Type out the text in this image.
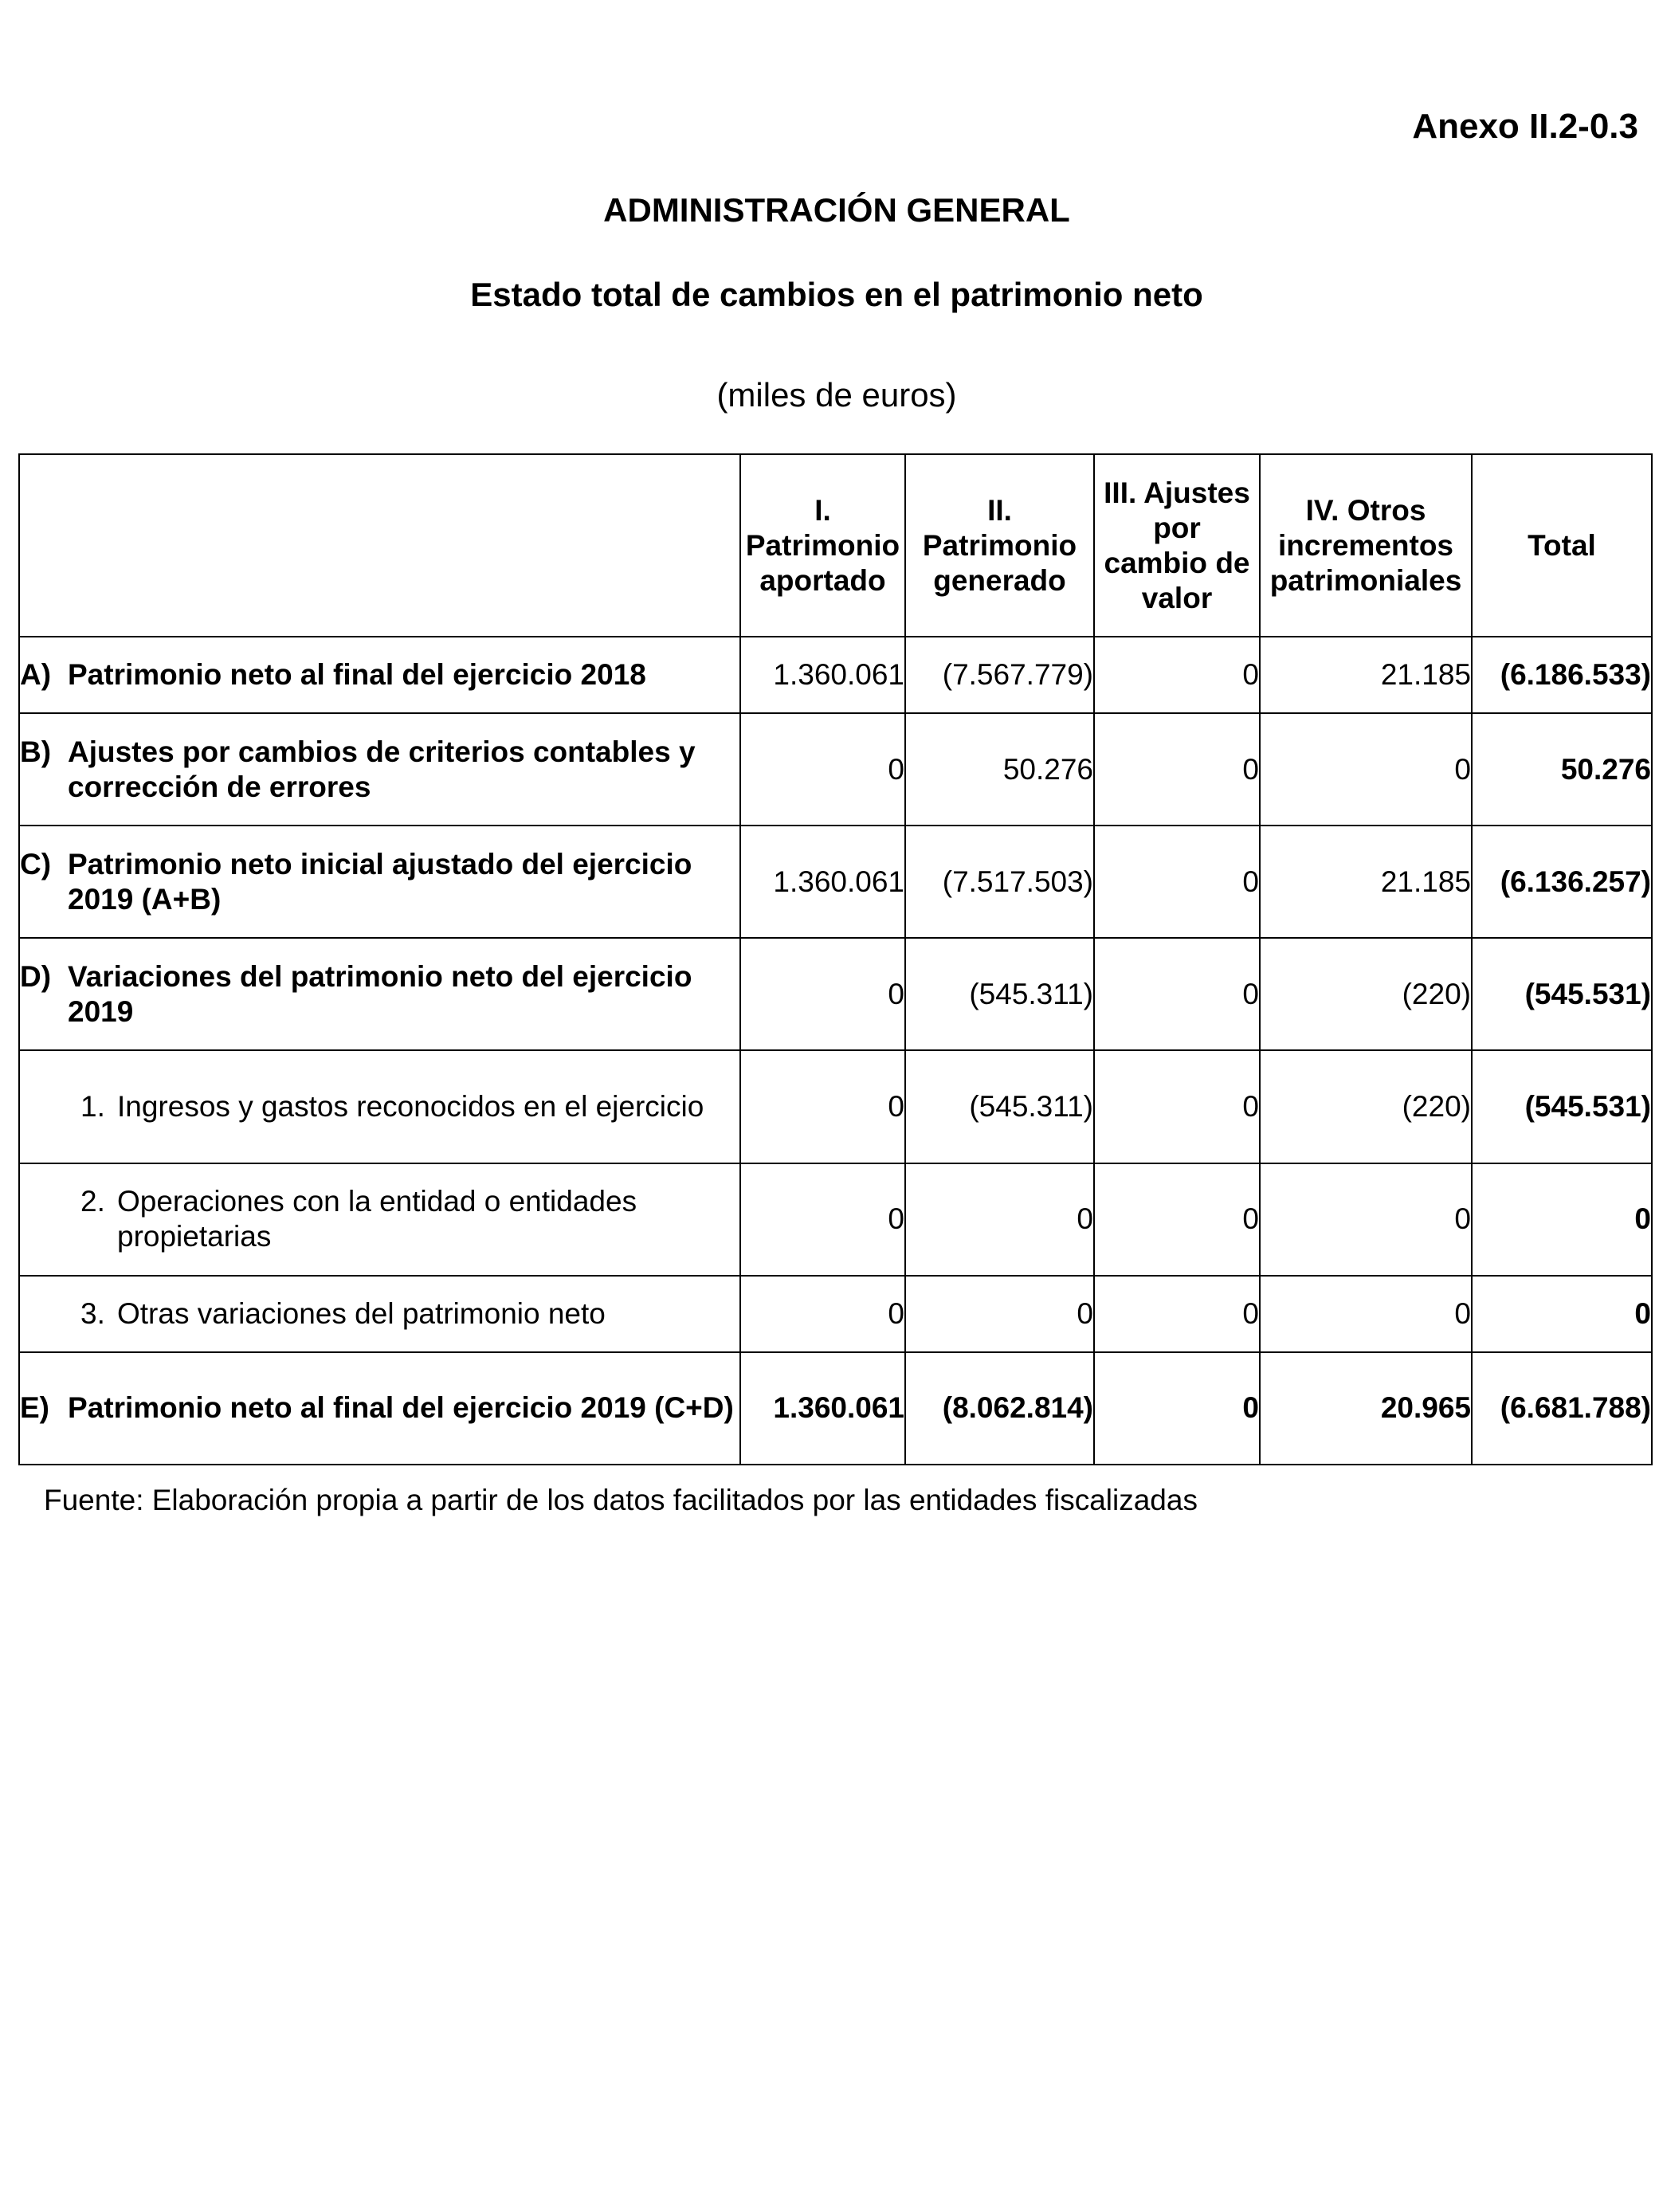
Anexo II.2-0.3
ADMINISTRACIÓN GENERAL
Estado total de cambios en el patrimonio neto
(miles de euros)
	I.
Patrimonio
aportado	II.
Patrimonio
generado	III. Ajustes
por
cambio de
valor	IV. Otros
incrementos
patrimoniales	Total

A) Patrimonio neto al final del ejercicio 2018	1.360.061	(7.567.779)	0	21.185	(6.186.533)

B) Ajustes por cambios de criterios contables y corrección de errores	0	50.276	0	0	50.276

C) Patrimonio neto inicial ajustado del ejercicio 2019 (A+B)	1.360.061	(7.517.503)	0	21.185	(6.136.257)

D) Variaciones del patrimonio neto del ejercicio 2019	0	(545.311)	0	(220)	(545.531)

1. Ingresos y gastos reconocidos en el ejercicio	0	(545.311)	0	(220)	(545.531)

2. Operaciones con la entidad o entidades propietarias	0	0	0	0	0

3. Otras variaciones del patrimonio neto	0	0	0	0	0

E) Patrimonio neto al final del ejercicio 2019 (C+D)	1.360.061	(8.062.814)	0	20.965	(6.681.788)
Fuente: Elaboración propia a partir de los datos facilitados por las entidades fiscalizadas
